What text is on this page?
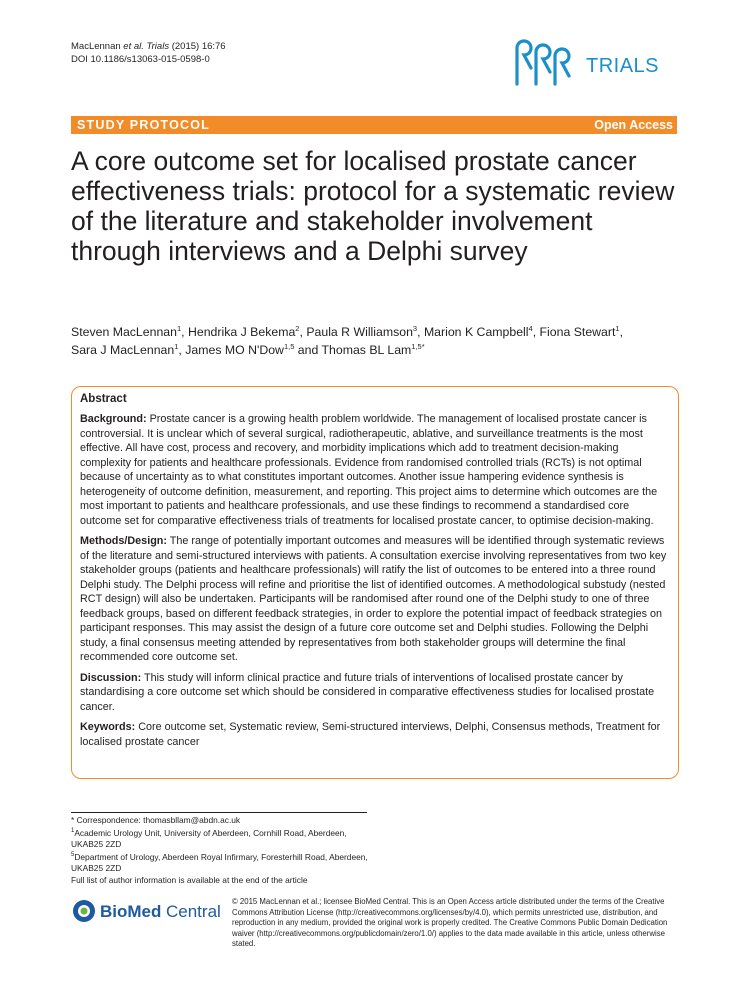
MacLennan et al. Trials (2015) 16:76
DOI 10.1186/s13063-015-0598-0	TRIALS
STUDY PROTOCOL	Open Access
A core outcome set for localised prostate cancer effectiveness trials: protocol for a systematic review of the literature and stakeholder involvement through interviews and a Delphi survey
Steven MacLennan$^1$, Hendrika J Bekema$^2$, Paula R Williamson$^3$, Marion K Campbell$^4$, Fiona Stewart$^1$,
Sara J MacLennan$^1$, James MO N'Dow$^{1,5}$ and Thomas BL Lam$^{1,5*}$
Abstract

Background: Prostate cancer is a growing health problem worldwide. The management of localised prostate cancer is controversial. It is unclear which of several surgical, radiotherapeutic, ablative, and surveillance treatments is the most effective. All have cost, process and recovery, and morbidity implications which add to treatment decision-making complexity for patients and healthcare professionals. Evidence from randomised controlled trials (RCTs) is not optimal because of uncertainty as to what constitutes important outcomes. Another issue hampering evidence synthesis is heterogeneity of outcome definition, measurement, and reporting. This project aims to determine which outcomes are the most important to patients and healthcare professionals, and use these findings to recommend a standardised core outcome set for comparative effectiveness trials of treatments for localised prostate cancer, to optimise decision-making.

Methods/Design: The range of potentially important outcomes and measures will be identified through systematic reviews of the literature and semi-structured interviews with patients. A consultation exercise involving representatives from two key stakeholder groups (patients and healthcare professionals) will ratify the list of outcomes to be entered into a three round Delphi study. The Delphi process will refine and prioritise the list of identified outcomes. A methodological substudy (nested RCT design) will also be undertaken. Participants will be randomised after round one of the Delphi study to one of three feedback groups, based on different feedback strategies, in order to explore the potential impact of feedback strategies on participant responses. This may assist the design of a future core outcome set and Delphi studies. Following the Delphi study, a final consensus meeting attended by representatives from both stakeholder groups will determine the final recommended core outcome set.

Discussion: This study will inform clinical practice and future trials of interventions of localised prostate cancer by standardising a core outcome set which should be considered in comparative effectiveness studies for localised prostate cancer.

Keywords: Core outcome set, Systematic review, Semi-structured interviews, Delphi, Consensus methods, Treatment for localised prostate cancer

* Correspondence: thomasbllam@abdn.ac.uk

$^1$Academic Urology Unit, University of Aberdeen, Cornhill Road, Aberdeen, UKAB25 2ZD

$^5$Department of Urology, Aberdeen Royal Infirmary, Foresterhill Road, Aberdeen, UKAB25 2ZD

Full list of author information is available at the end of the article

BioMed Central
© 2015 MacLennan et al.; licensee BioMed Central. This is an Open Access article distributed under the terms of the Creative Commons Attribution License (http://creativecommons.org/licenses/by/4.0), which permits unrestricted use, distribution, and reproduction in any medium, provided the original work is properly credited. The Creative Commons Public Domain Dedication waiver (http://creativecommons.org/publicdomain/zero/1.0/) applies to the data made available in this article, unless otherwise stated.
